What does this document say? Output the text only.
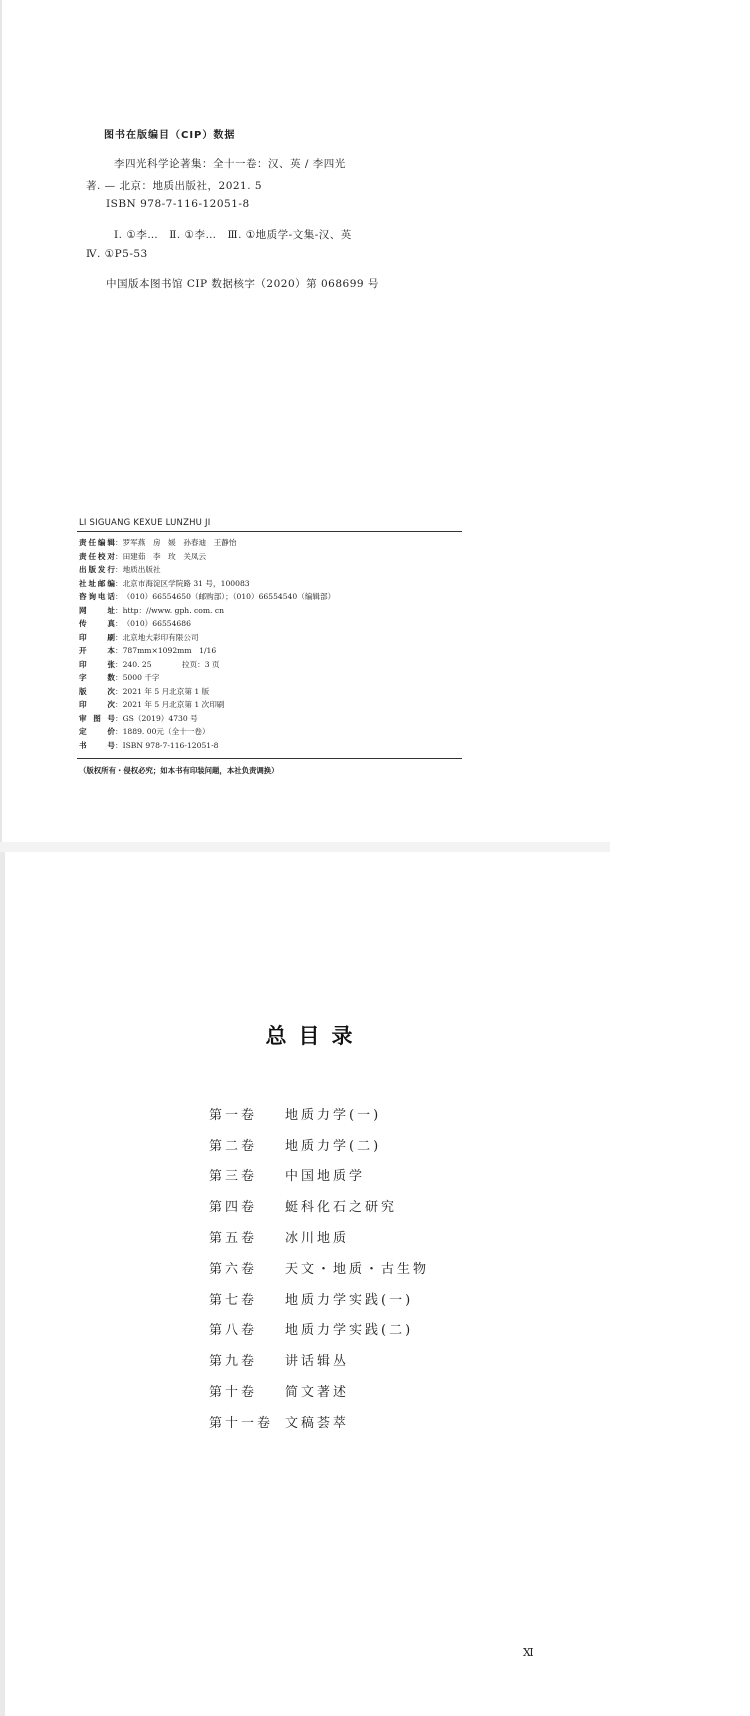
图书在版编目（CIP）数据
李四光科学论著集：全十一卷：汉、英 / 李四光
著. — 北京：地质出版社，2021. 5
ISBN 978-7-116-12051-8
Ⅰ. ①李…　Ⅱ. ①李…　Ⅲ. ①地质学-文集-汉、英
Ⅳ. ①P5-53
中国版本图书馆 CIP 数据核字（2020）第 068699 号
LI SIGUANG KEXUE LUNZHU JI
责任编辑 ： 罗军燕　房　媛　孙春迪　王静怡
责任校对 ： 田建茹　李　玫　关凤云
出版发行 ： 地质出版社
社址邮编 ： 北京市海淀区学院路 31 号，100083
咨询电话 ： （010）66554650（邮购部）；（010）66554540（编辑部）
网址 ： http：//www. gph. com. cn
传真 ： （010）66554686
印刷 ： 北京地大彩印有限公司
开本 ： 787mm×1092mm　1/16
印张 ： 240. 25　　　　拉页：3 页
字数 ： 5000 千字
版次 ： 2021 年 5 月北京第 1 版
印次 ： 2021 年 5 月北京第 1 次印刷
审图号 ： GS（2019）4730 号
定价 ： 1889. 00元（全十一卷）
书号 ： ISBN 978-7-116-12051-8
（版权所有・侵权必究；如本书有印装问题，本社负责调换）
总目录
第一卷	地质力学(一)
第二卷	地质力学(二)
第三卷	中国地质学
第四卷	蜓科化石之研究
第五卷	冰川地质
第六卷	天文・地质・古生物
第七卷	地质力学实践(一)
第八卷	地质力学实践(二)
第九卷	讲话辑丛
第十卷	简文著述
第十一卷 文稿荟萃
Ⅺ
